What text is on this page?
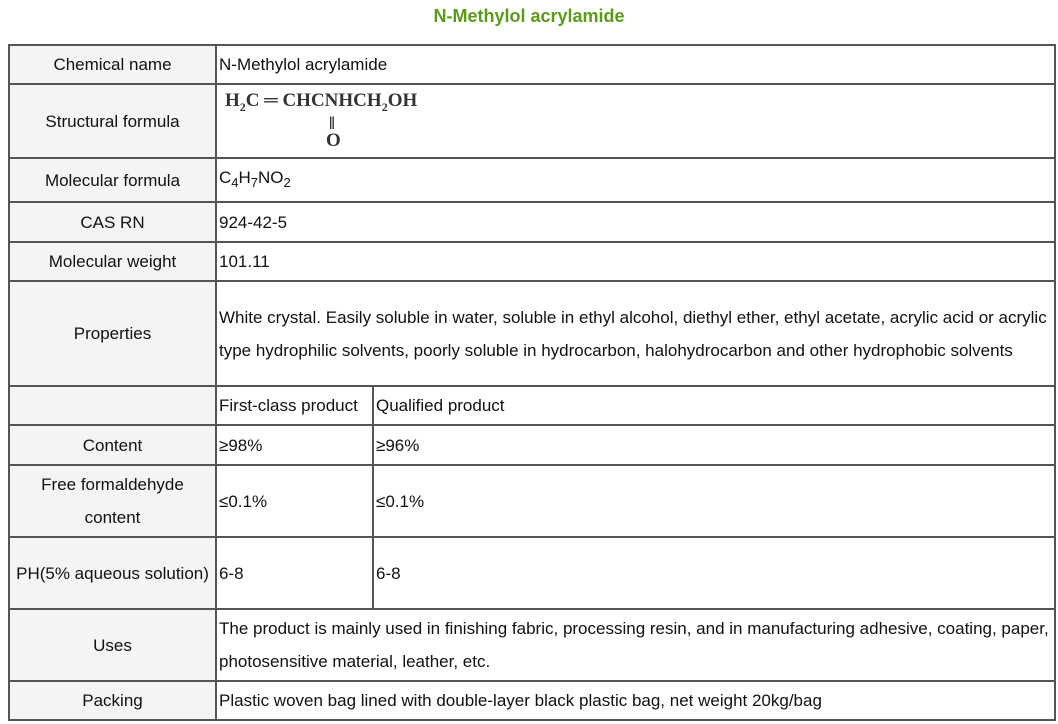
N-Methylol acrylamide
Chemical name	N-Methylol acrylamide	
Structural formula	$H_2C$ ═ $CHCNHCH_2OH$
‖
O	

Molecular formula	$C_4H_7NO_2$
CAS RN	924-42-5	
Molecular weight	101.11	
Properties	White crystal. Easily soluble in water, soluble in ethyl alcohol, diethyl ether, ethyl acetate, acrylic acid or acrylic type hydrophilic solvents, poorly soluble in hydrocarbon, halohydrocarbon and other hydrophobic solvents	
	First-class product	Qualified product
Content	≥98%	≥96%
Free formaldehyde content	≤0.1%	≤0.1%
PH(5% aqueous solution)	6-8	6-8
Uses	The product is mainly used in finishing fabric, processing resin, and in manufacturing adhesive, coating, paper, photosensitive material, leather, etc.	
Packing	Plastic woven bag lined with double-layer black plastic bag, net weight 20kg/bag	
